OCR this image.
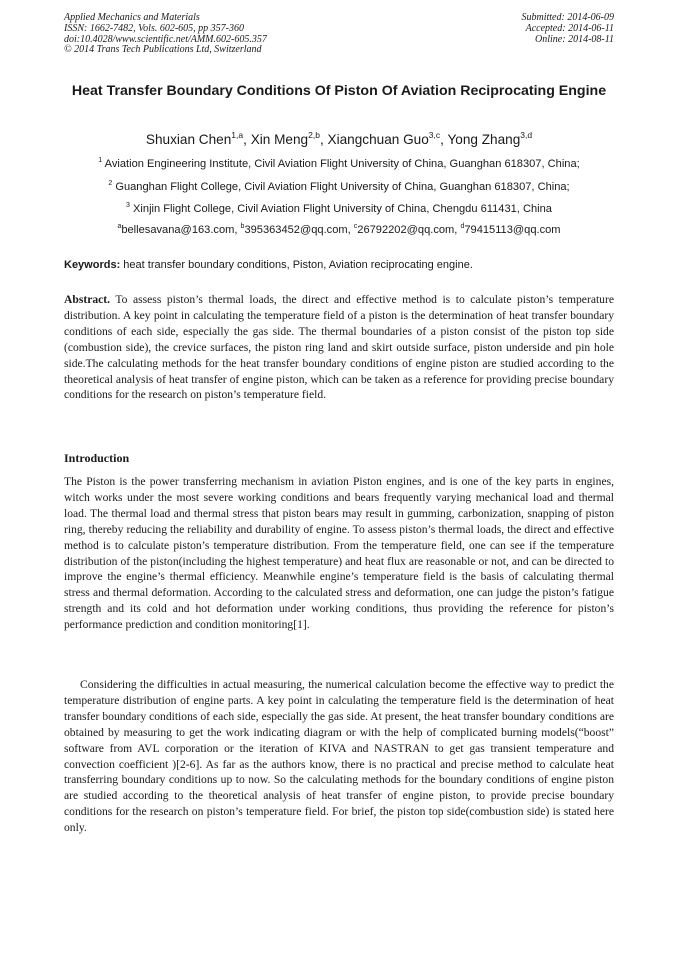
Applied Mechanics and Materials
ISSN: 1662-7482, Vols. 602-605, pp 357-360
doi:10.4028/www.scientific.net/AMM.602-605.357
© 2014 Trans Tech Publications Ltd, Switzerland
Submitted: 2014-06-09
Accepted: 2014-06-11
Online: 2014-08-11
Heat Transfer Boundary Conditions Of Piston Of Aviation Reciprocating Engine
Shuxian Chen$^{1,a}$, Xin Meng$^{2,b}$, Xiangchuan Guo$^{3,c}$, Yong Zhang$^{3,d}$
$^1$ Aviation Engineering Institute, Civil Aviation Flight University of China, Guanghan 618307, China;
$^2$ Guanghan Flight College, Civil Aviation Flight University of China, Guanghan 618307, China;
$^3$ Xinjin Flight College, Civil Aviation Flight University of China, Chengdu 611431, China
$^a$bellesavana@163.com, $^b$395363452@qq.com, $^c$26792202@qq.com, $^d$79415113@qq.com
Keywords: heat transfer boundary conditions, Piston, Aviation reciprocating engine.
Abstract. To assess piston’s thermal loads, the direct and effective method is to calculate piston’s temperature distribution. A key point in calculating the temperature field of a piston is the determination of heat transfer boundary conditions of each side, especially the gas side. The thermal boundaries of a piston consist of the piston top side (combustion side), the crevice surfaces, the piston ring land and skirt outside surface, piston underside and pin hole side.The calculating methods for the heat transfer boundary conditions of engine piston are studied according to the theoretical analysis of heat transfer of engine piston, which can be taken as a reference for providing precise boundary conditions for the research on piston’s temperature field.
Introduction
The Piston is the power transferring mechanism in aviation Piston engines, and is one of the key parts in engines, witch works under the most severe working conditions and bears frequently varying mechanical load and thermal load. The thermal load and thermal stress that piston bears may result in gumming, carbonization, snapping of piston ring, thereby reducing the reliability and durability of engine. To assess piston’s thermal loads, the direct and effective method is to calculate piston’s temperature distribution. From the temperature field, one can see if the temperature distribution of the piston(including the highest temperature) and heat flux are reasonable or not, and can be directed to improve the engine’s thermal efficiency. Meanwhile engine’s temperature field is the basis of calculating thermal stress and thermal deformation. According to the calculated stress and deformation, one can judge the piston’s fatigue strength and its cold and hot deformation under working conditions, thus providing the reference for piston’s performance prediction and condition monitoring[1].
Considering the difficulties in actual measuring, the numerical calculation become the effective way to predict the temperature distribution of engine parts. A key point in calculating the temperature field is the determination of heat transfer boundary conditions of each side, especially the gas side. At present, the heat transfer boundary conditions are obtained by measuring to get the work indicating diagram or with the help of complicated burning models(“boost” software from AVL corporation or the iteration of KIVA and NASTRAN to get gas transient temperature and convection coefficient )[2-6]. As far as the authors know, there is no practical and precise method to calculate heat transferring boundary conditions up to now. So the calculating methods for the boundary conditions of engine piston are studied according to the theoretical analysis of heat transfer of engine piston, to provide precise boundary conditions for the research on piston’s temperature field. For brief, the piston top side(combustion side) is stated here only.
